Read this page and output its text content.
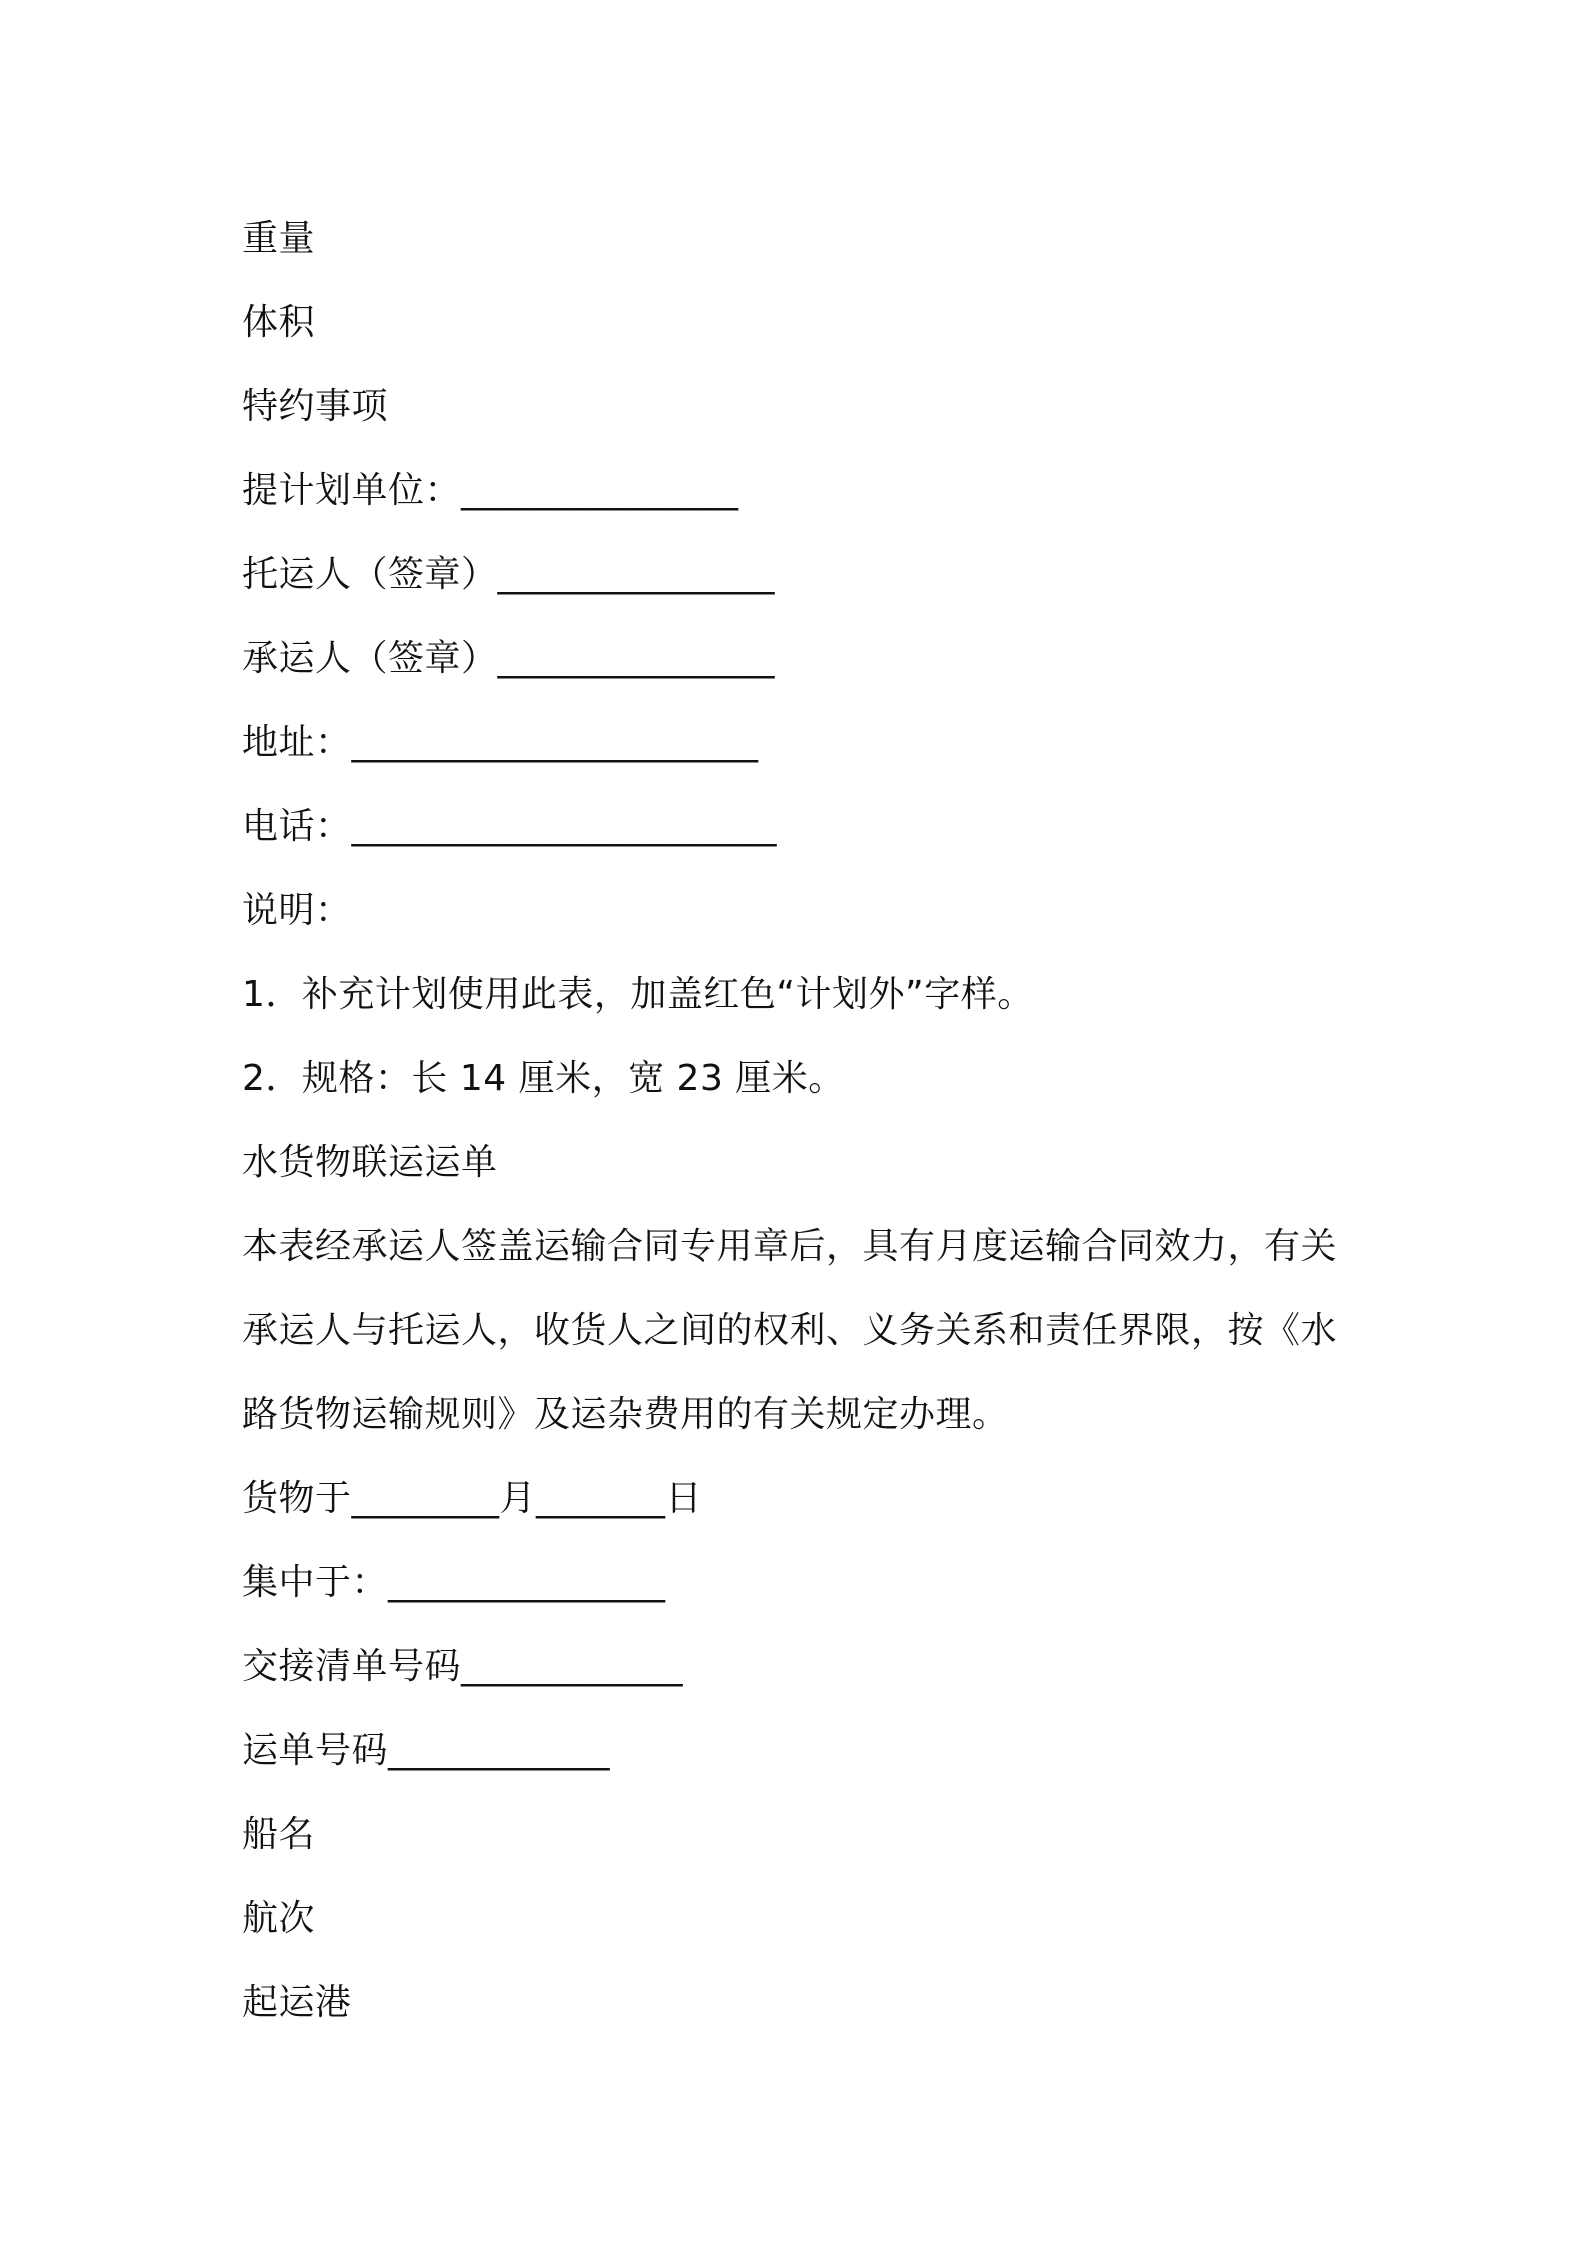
重量
体积
特约事项
提计划单位：_______________
托运人（签章）_______________
承运人（签章）_______________
地址：______________________
电话：_______________________
说明：
1．补充计划使用此表，加盖红色“计划外”字样。
2．规格：长 14 厘米，宽 23 厘米。
水货物联运运单
本表经承运人签盖运输合同专用章后，具有月度运输合同效力，有关承运人与托运人，收货人之间的权利、义务关系和责任界限，按《水路货物运输规则》及运杂费用的有关规定办理。
货物于________月_______日
集中于：_______________
交接清单号码____________
运单号码____________
船名
航次
起运港
